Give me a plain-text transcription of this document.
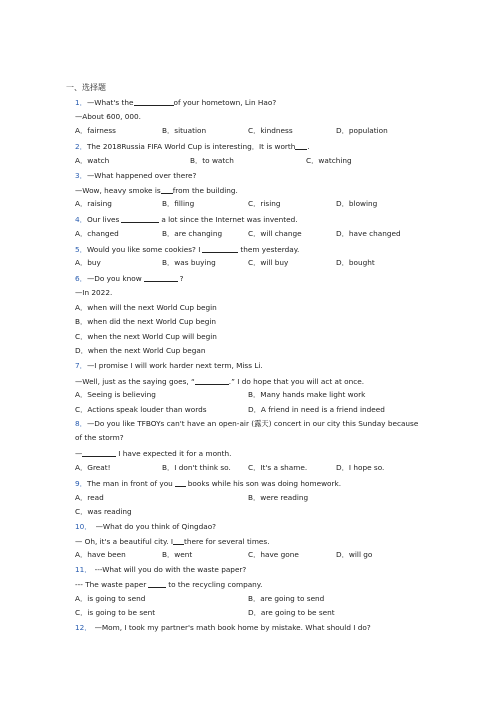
一、选择题
1．—What's the	of your hometown, Lin Hao?
—About 600, 000.
A．fairness	B．situation	C．kindness	D．population
2．The 2018Russia FIFA World Cup is interesting．It is worth .
A．watch	B．to watch	C．watching
3．—What happened over there?
—Wow, heavy smoke is from the building.
A．raising	B．filling	C．rising	D．blowing
4．Our lives	a lot since the Internet was invented.
A．changed	B．are changing	C．will change	D．have changed
5．Would you like some cookies? I	them yesterday.
A．buy	B．was buying	C．will buy	D．bought
6．—Do you know	?
—In 2022.
A．when will the next World Cup begin
B．when did the next World Cup begin
C．when the next World Cup will begin
D．when the next World Cup began
7．—I promise I will work harder next term, Miss Li.
—Well, just as the saying goes, “	.” I do hope that you will act at once.
A．Seeing is believing	B．Many hands make light work
C．Actions speak louder than words	D．A friend in need is a friend indeed
8．—Do you like TFBOYs can't have an open-air (露天) concert in our city this Sunday because
of the storm?
—	I have expected it for a month.
A．Great!	B．I don't think so. C．It's a shame.	D．I hope so.
9．The man in front of you books while his son was doing homework.
A．read	B．were reading
C．was reading
10． —What do you think of Qingdao?
— Oh, it's a beautiful city. I there for several times.
A．have been	B．went	C．have gone	D．will go
11． ---What will you do with the waste paper?
--- The waste paper	to the recycling company.
A．is going to send	B．are going to send
C．is going to be sent	D．are going to be sent
12． —Mom, I took my partner's math book home by mistake. What should I do?
